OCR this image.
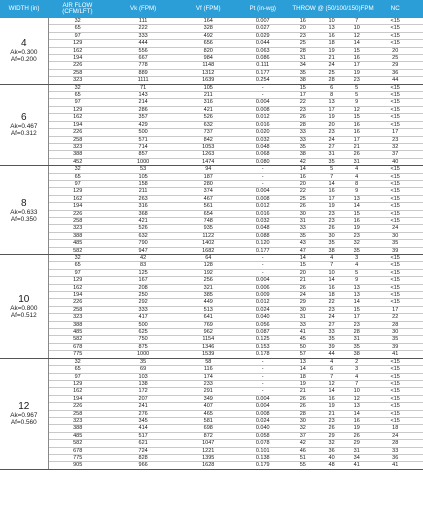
WIDTH (in)	AIR FLOW
(CFM/LFT)	Vk (FPM)	Vf (FPM)	Pt (in-wg)	THROW @ (50/100/150)FPM			NC

4
Ak=0.300
Af=0.200	32	111	164	0.007	16	10	7	<15
	65	222	328	0.027	20	13	10	<15
	97	333	492	0.029	23	16	12	<15
	129	444	656	0.044	25	18	14	<15
	162	556	820	0.063	28	19	15	20
	194	667	984	0.086	31	21	16	25
	226	778	1148	0.111	34	24	17	29
	258	889	1312	0.177	35	25	19	36
	323	1111	1639	0.254	38	28	23	44

6
Ak=0.467
Af=0.312	32	71	105	-	15	6	5	<15
	65	143	211	-	17	8	5	<15
	97	214	316	0.004	22	13	9	<15
	129	286	421	0.008	23	17	12	<15
	162	357	526	0.012	26	19	15	<15
	194	429	632	0.016	28	20	16	<15
	226	500	737	0.020	33	23	16	17
	258	571	842	0.032	33	24	17	23
	323	714	1053	0.048	35	27	21	32
	388	857	1263	0.068	38	31	26	37
	452	1000	1474	0.080	42	35	31	40

8
Ak=0.633
Af=0.350	32	53	94	-	14	5	4	<15
	65	105	187	-	16	7	4	<15
	97	158	280	-	20	14	8	<15
	129	211	374	0.004	22	16	9	<15
	162	263	467	0.008	25	17	13	<15
	194	316	561	0.012	26	19	14	<15
	226	368	654	0.016	30	23	15	<15
	258	421	748	0.032	31	23	16	<15
	323	526	935	0.048	33	26	19	24
	388	632	1122	0.088	35	30	23	30
	485	790	1402	0.120	43	35	32	35
	582	947	1682	0.177	47	38	35	39

10
Ak=0.800
Af=0.512	32	42	64	-	14	4	3	<15
	65	83	128	-	15	7	4	<15
	97	125	192	-	20	10	5	<15
	129	167	256	0.004	21	14	9	<15
	162	208	321	0.006	26	16	13	<15
	194	250	385	0.009	24	18	13	<15
	226	292	449	0.012	29	22	14	<15
	258	333	513	0.024	30	23	15	17
	323	417	641	0.040	31	24	17	22
	388	500	769	0.056	33	27	23	28
	485	625	962	0.087	41	33	28	30
	582	750	1154	0.125	45	35	31	35
	678	875	1346	0.153	50	39	35	39
	775	1000	1539	0.178	57	44	38	41

12
Ak=0.967
Af=0.560	32	35	58	-	13	4	2	<15
	65	69	116	-	14	6	3	<15
	97	103	174	-	18	7	4	<15
	129	138	233	-	19	12	7	<15
	162	172	291	-	21	14	10	<15
	194	207	349	0.004	26	16	12	<15
	226	241	407	0.004	26	19	13	<15
	258	276	465	0.008	28	21	14	<15
	323	345	581	0.024	30	23	16	<15
	388	414	698	0.040	32	26	19	18
	485	517	872	0.058	37	29	26	24
	582	621	1047	0.078	42	32	29	28
	678	724	1221	0.101	46	36	31	33
	775	828	1395	0.138	51	40	34	36
	905	966	1628	0.179	55	48	41	41
